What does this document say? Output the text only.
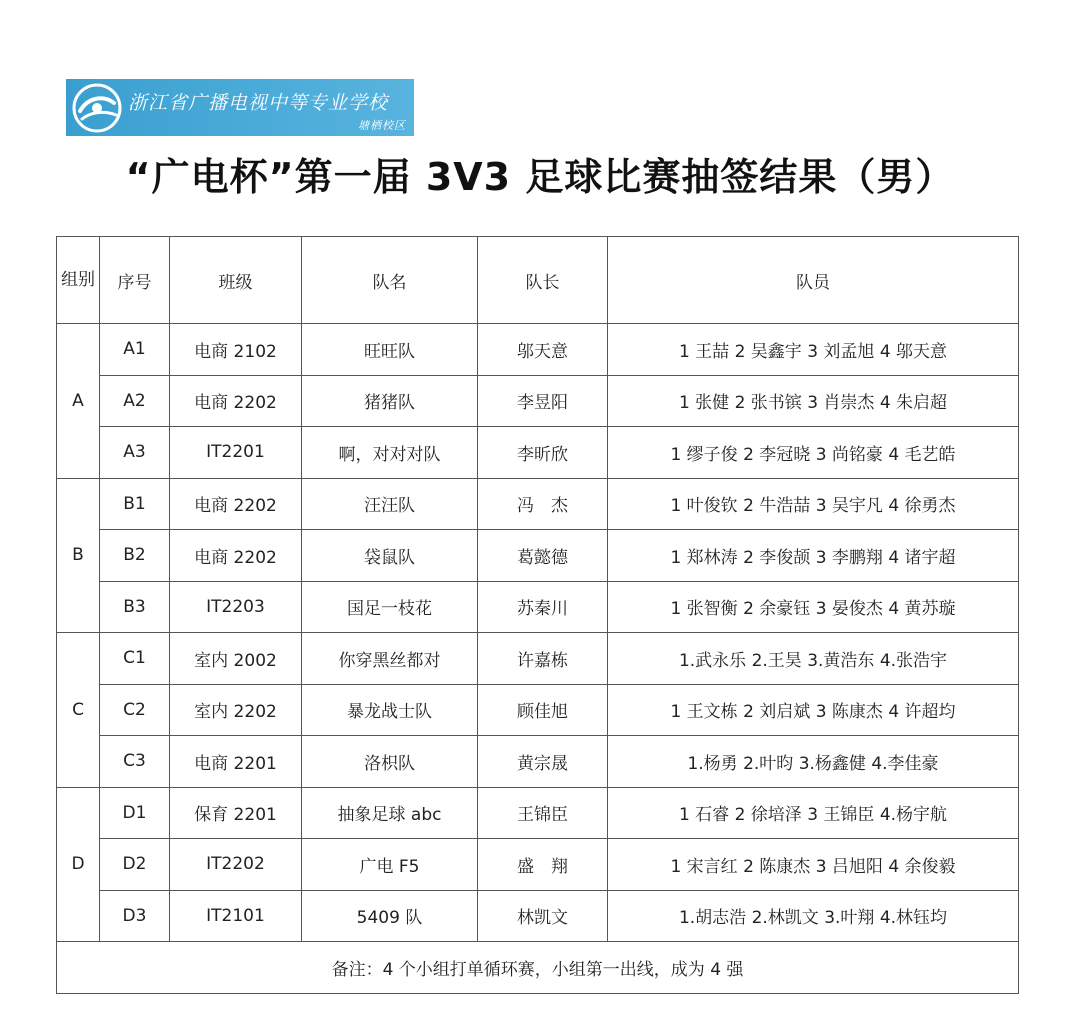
浙江省广播电视中等专业学校
塘栖校区
“广电杯”第一届 3V3 足球比赛抽签结果（男）
组别	序号	班级	队名	队长	队员
A	A1	电商 2102	旺旺队	邬天意	1 王喆 2 吴鑫宇 3 刘孟旭 4 邬天意
	A2	电商 2202	猪猪队	李昱阳	1 张健 2 张书镔 3 肖崇杰 4 朱启超
	A3	IT2201	啊，对对对队	李昕欣	1 缪子俊 2 李冠晓 3 尚铭豪 4 毛艺皓
B	B1	电商 2202	汪汪队	冯　杰	1 叶俊钦 2 牛浩喆 3 吴宇凡 4 徐勇杰
	B2	电商 2202	袋鼠队	葛懿德	1 郑林涛 2 李俊颉 3 李鹏翔 4 诸宇超
	B3	IT2203	国足一枝花	苏秦川	1 张智衡 2 余豪钰 3 晏俊杰 4 黄苏璇
C	C1	室内 2002	你穿黑丝都对	许嘉栋	1.武永乐 2.王昊 3.黄浩东 4.张浩宇
	C2	室内 2202	暴龙战士队	顾佳旭	1 王文栋 2 刘启斌 3 陈康杰 4 许超均
	C3	电商 2201	洛枳队	黄宗晟	1.杨勇 2.叶昀 3.杨鑫健 4.李佳豪
D	D1	保育 2201	抽象足球 abc	王锦臣	1 石睿 2 徐培泽 3 王锦臣 4.杨宇航
	D2	IT2202	广电 F5	盛　翔	1 宋言红 2 陈康杰 3 吕旭阳 4 余俊毅
	D3	IT2101	5409 队	林凯文	1.胡志浩 2.林凯文 3.叶翔 4.林钰均
备注：4 个小组打单循环赛，小组第一出线，成为 4 强					
